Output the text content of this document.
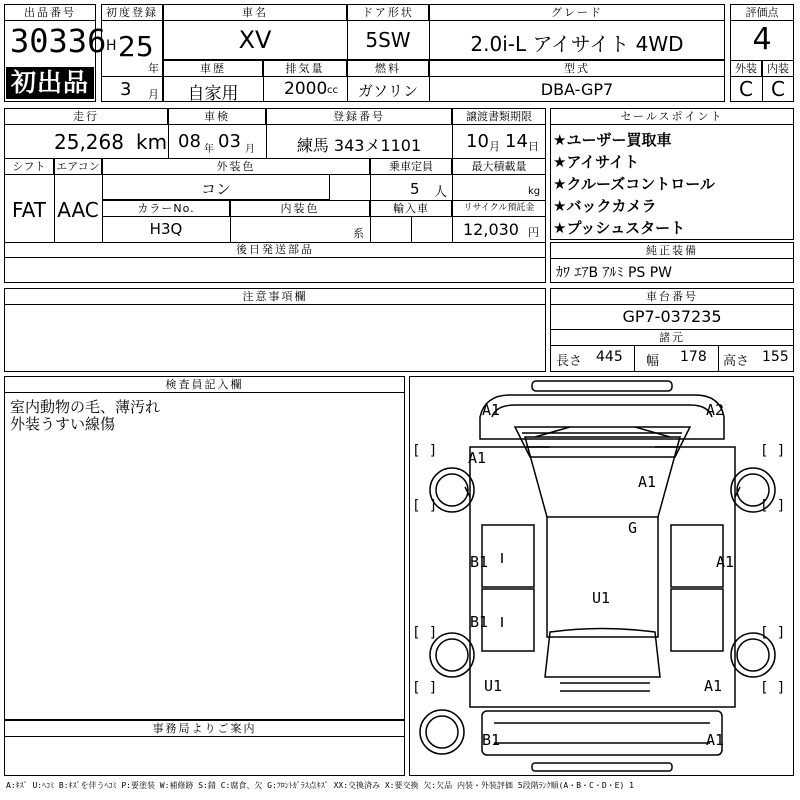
出品番号
30336
初出品
初度登録
H 25
年
3 月
車名
XV
ドア形状
5SW
グレード
2.0i-L アイサイト 4WD
車歴
自家用
排気量
2000 cc
燃料
ガソリン
型式
DBA-GP7
評価点
4
外装 内装
C C
走行
25,268 km
車検
08 年 03 月
登録番号
練馬 343メ1101
譲渡書類期限
10 月 14 日
シフト
FAT
エアコン
AAC
外装色
コン
乗車定員
5 人
最大積載量
kg
カラーNo.
H3Q
内装色
系
輸入車	リサイクル預託金
12,030 円
後日発送部品
セールスポイント
★ユーザー買取車
★アイサイト
★クルーズコントロール
★バックカメラ
★プッシュスタート
純正装備
ｶﾜ ｴｱB ｱﾙﾐ PS PW
注意事項欄	車台番号
GP7-037235
諸元
長さ 445 幅 178 高さ 155
検査員記入欄
室内動物の毛、薄汚れ
外装うすい線傷
事務局よりご案内
[ ]	[ ]
[ ]	[ ]
[ ]	[ ]
[ ]	[ ]
A1	A2
A1
A1
G
B1	A1
U1
B1
U1	A1
B1	A1
A:ｷｽﾞ U:ﾍｺﾐ B:ｷｽﾞを伴うﾍｺﾐ P:要塗装 W:補修跡 S:錆 C:腐食、欠 G:ﾌﾛﾝﾄｶﾞﾗｽ点ｷｽﾞ XX:交換済み X:要交換 欠:欠品 内装・外装評価 5段階ﾗﾝｸ順(A・B・C・D・E) 1
